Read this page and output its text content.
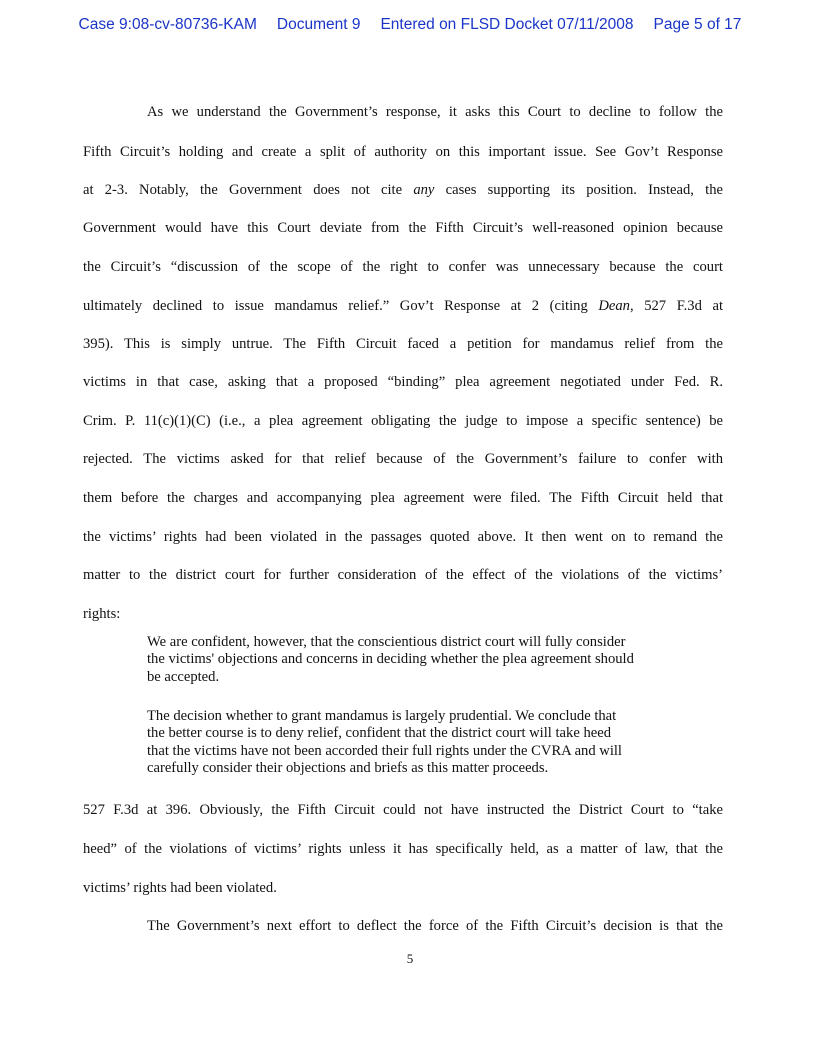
Case 9:08-cv-80736-KAM Document 9 Entered on FLSD Docket 07/11/2008 Page 5 of 17
As we understand the Government’s response, it asks this Court to decline to follow the
Fifth Circuit’s holding and create a split of authority on this important issue. See Gov’t Response
at 2-3. Notably, the Government does not cite any cases supporting its position. Instead, the
Government would have this Court deviate from the Fifth Circuit’s well-reasoned opinion because
the Circuit’s “discussion of the scope of the right to confer was unnecessary because the court
ultimately declined to issue mandamus relief.” Gov’t Response at 2 (citing Dean, 527 F.3d at
395). This is simply untrue. The Fifth Circuit faced a petition for mandamus relief from the
victims in that case, asking that a proposed “binding” plea agreement negotiated under Fed. R.
Crim. P. 11(c)(1)(C) (i.e., a plea agreement obligating the judge to impose a specific sentence) be
rejected. The victims asked for that relief because of the Government’s failure to confer with
them before the charges and accompanying plea agreement were filed. The Fifth Circuit held that
the victims’ rights had been violated in the passages quoted above. It then went on to remand the
matter to the district court for further consideration of the effect of the violations of the victims’
rights:
We are confident, however, that the conscientious district court will fully consider
the victims' objections and concerns in deciding whether the plea agreement should
be accepted.
The decision whether to grant mandamus is largely prudential. We conclude that
the better course is to deny relief, confident that the district court will take heed
that the victims have not been accorded their full rights under the CVRA and will
carefully consider their objections and briefs as this matter proceeds.
527 F.3d at 396. Obviously, the Fifth Circuit could not have instructed the District Court to “take
heed” of the violations of victims’ rights unless it has specifically held, as a matter of law, that the
victims’ rights had been violated.
The Government’s next effort to deflect the force of the Fifth Circuit’s decision is that the
5
